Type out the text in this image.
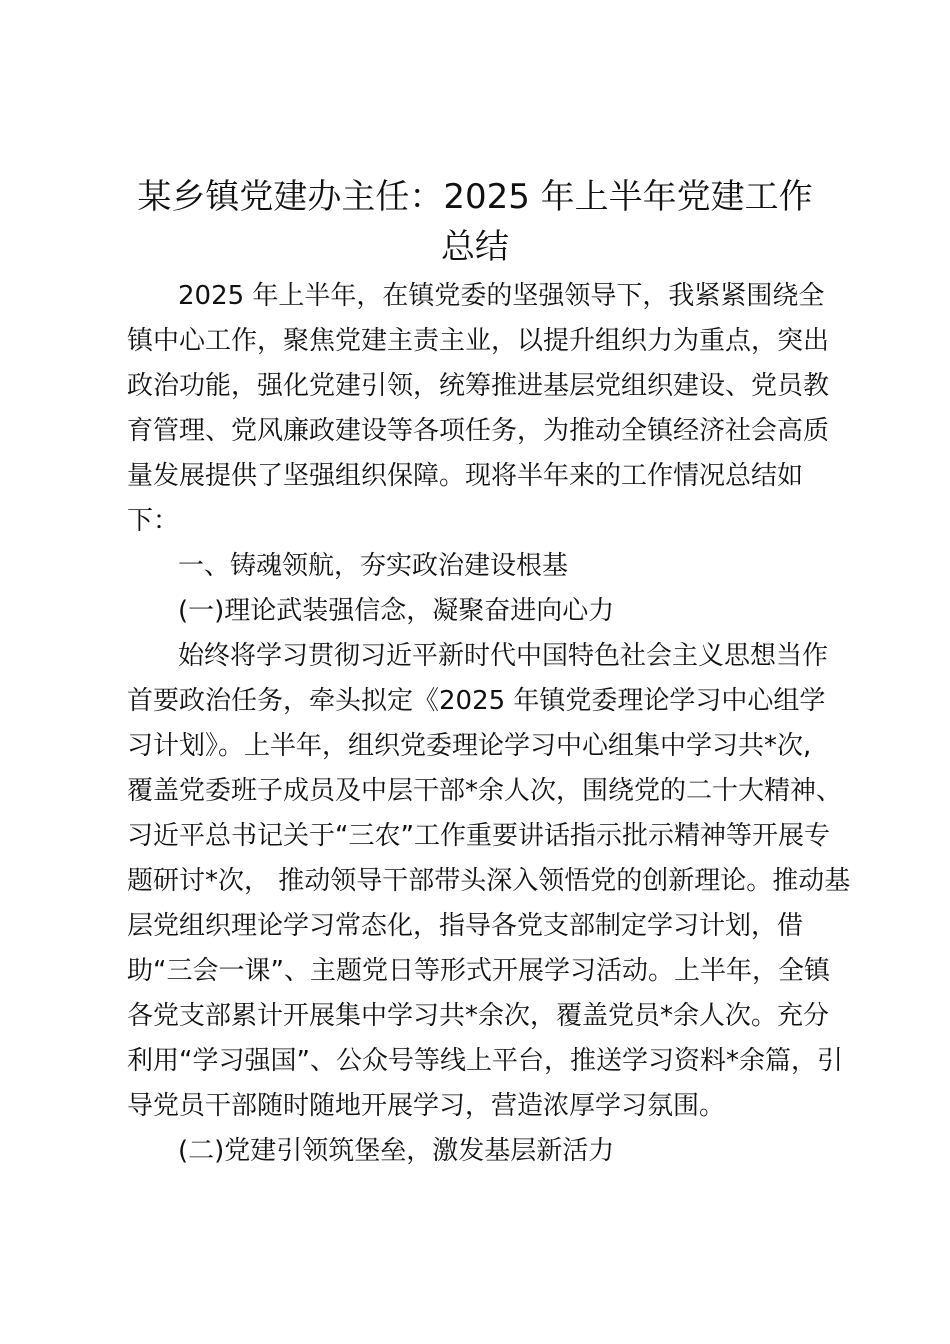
某乡镇党建办主任：2025 年上半年党建工作
总结
2025 年上半年，在镇党委的坚强领导下，我紧紧围绕全
镇中心工作，聚焦党建主责主业，以提升组织力为重点，突出
政治功能，强化党建引领，统筹推进基层党组织建设、党员教
育管理、党风廉政建设等各项任务，为推动全镇经济社会高质
量发展提供了坚强组织保障。现将半年来的工作情况总结如
下：
一、铸魂领航，夯实政治建设根基
(一)理论武装强信念，凝聚奋进向心力
始终将学习贯彻习近平新时代中国特色社会主义思想当作
首要政治任务，牵头拟定《2025 年镇党委理论学习中心组学
习计划》。上半年，组织党委理论学习中心组集中学习共*次,
覆盖党委班子成员及中层干部*余人次，围绕党的二十大精神、
习近平总书记关于“三农”工作重要讲话指示批示精神等开展专
题研讨*次， 推动领导干部带头深入领悟党的创新理论。推动基
层党组织理论学习常态化，指导各党支部制定学习计划，借
助“三会一课”、主题党日等形式开展学习活动。上半年，全镇
各党支部累计开展集中学习共*余次，覆盖党员*余人次。充分
利用“学习强国”、公众号等线上平台，推送学习资料*余篇，引
导党员干部随时随地开展学习，营造浓厚学习氛围。
(二)党建引领筑堡垒，激发基层新活力
